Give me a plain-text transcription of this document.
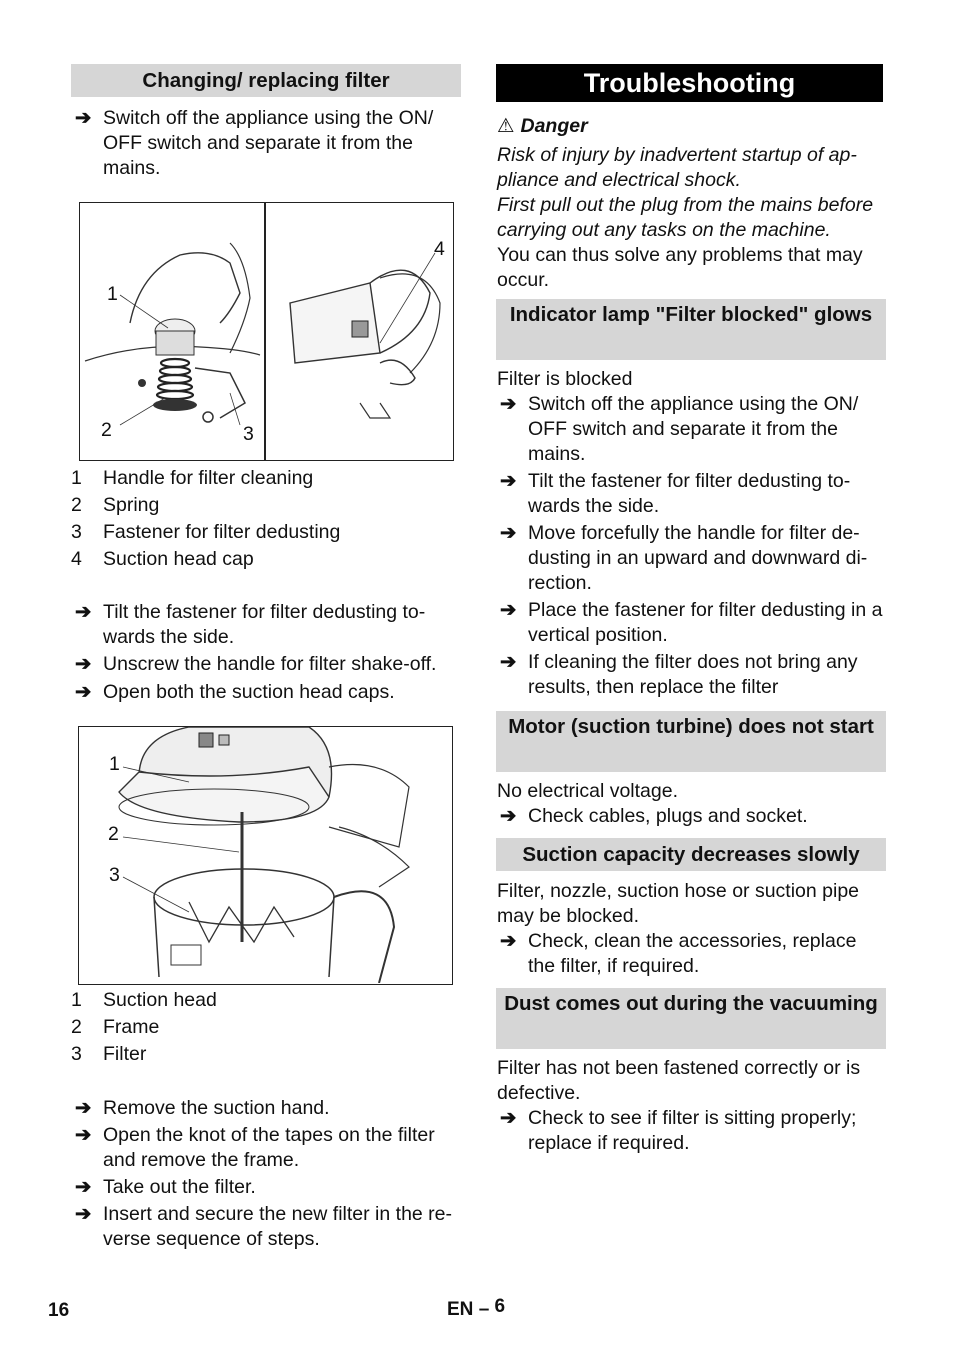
Changing/ replacing filter

➔ Switch off the appliance using the ON/ OFF switch and separate it from the mains.

1
2	3
4

1 Handle for filter cleaning

2 Spring

3 Fastener for filter dedusting

4 Suction head cap

➔ Tilt the fastener for filter dedusting to-wards the side.

➔ Unscrew the handle for filter shake-off.

➔ Open both the suction head caps.

1
2
3

1 Suction head

2 Frame

3 Filter

➔ Remove the suction hand.

➔ Open the knot of the tapes on the filter and remove the frame.

➔ Take out the filter.

➔ Insert and secure the new filter in the re-verse sequence of steps.

Troubleshooting

⚠ Danger

Risk of injury by inadvertent startup of ap-pliance and electrical shock.

First pull out the plug from the mains before carrying out any tasks on the machine.

You can thus solve any problems that may occur.

Indicator lamp "Filter blocked" glows

Filter is blocked

➔ Switch off the appliance using the ON/ OFF switch and separate it from the mains.

➔ Tilt the fastener for filter dedusting to-wards the side.

➔ Move forcefully the handle for filter de-dusting in an upward and downward di-rection.

➔ Place the fastener for filter dedusting in a vertical position.

➔ If cleaning the filter does not bring any results, then replace the filter

Motor (suction turbine) does not start

No electrical voltage.

➔ Check cables, plugs and socket.

Suction capacity decreases slowly

Filter, nozzle, suction hose or suction pipe may be blocked.

➔ Check, clean the accessories, replace the filter, if required.

Dust comes out during the vacuuming

Filter has not been fastened correctly or is defective.

➔ Check to see if filter is sitting properly; replace if required.

16	EN – 6
